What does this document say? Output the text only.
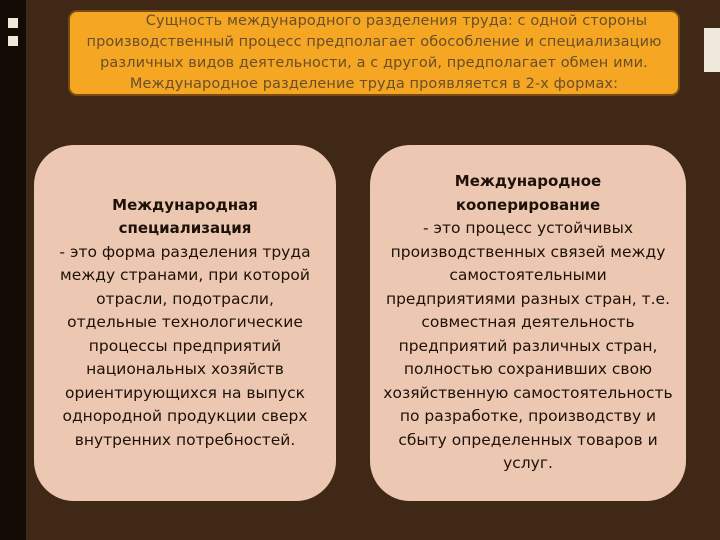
Сущность международного разделения труда: с одной стороны производственный процесс предполагает обособление и специализацию различных видов деятельности, а с другой, предполагает обмен ими. Международное разделение труда проявляется в 2-х формах:

Международная специализация

- это форма разделения труда между странами, при которой отрасли, подотрасли, отдельные технологические процессы предприятий национальных хозяйств ориентирующихся на выпуск однородной продукции сверх внутренних потребностей.

Международное кооперирование

- это процесс устойчивых производственных связей между самостоятельными предприятиями разных стран, т.е. совместная деятельность предприятий различных стран, полностью сохранивших свою хозяйственную самостоятельность по разработке, производству и сбыту определенных товаров и услуг.
